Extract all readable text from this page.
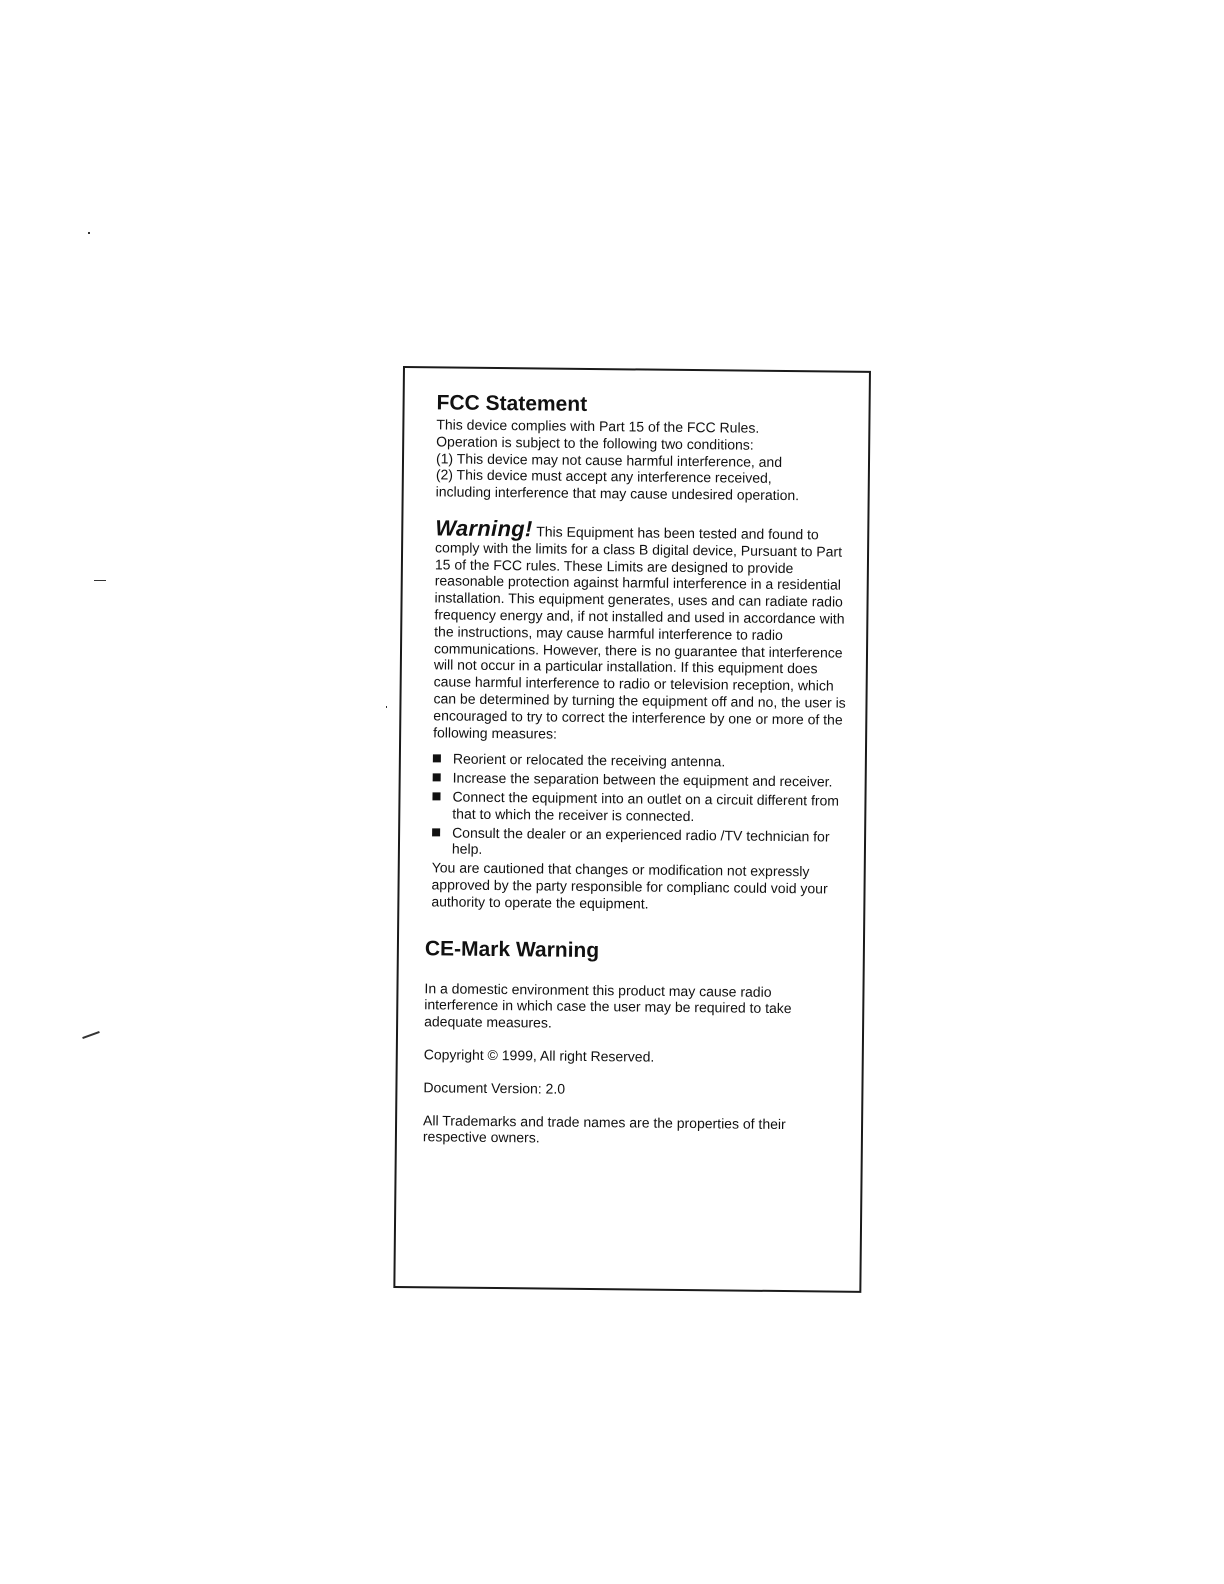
FCC Statement

This device complies with Part 15 of the FCC Rules.

Operation is subject to the following two conditions:

(1) This device may not cause harmful interference, and

(2) This device must accept any interference received,

including interference that may cause undesired operation.

Warning! This Equipment has been tested and found to comply with the limits for a class B digital device, Pursuant to Part 15 of the FCC rules. These Limits are designed to provide reasonable protection against harmful interference in a residential installation. This equipment generates, uses and can radiate radio frequency energy and, if not installed and used in accordance with the instructions, may cause harmful interference to radio communications. However, there is no guarantee that interference will not occur in a particular installation. If this equipment does cause harmful interference to radio or television reception, which can be determined by turning the equipment off and no, the user is encouraged to try to correct the interference by one or more of the following measures:

Reorient or relocated the receiving antenna.
Increase the separation between the equipment and receiver.
Connect the equipment into an outlet on a circuit different from that to which the receiver is connected.
Consult the dealer or an experienced radio /TV technician for help.

You are cautioned that changes or modification not expressly approved by the party responsible for complianc could void your authority to operate the equipment.

CE-Mark Warning

In a domestic environment this product may cause radio interference in which case the user may be required to take adequate measures.

Copyright © 1999, All right Reserved.

Document Version: 2.0

All Trademarks and trade names are the properties of their respective owners.
